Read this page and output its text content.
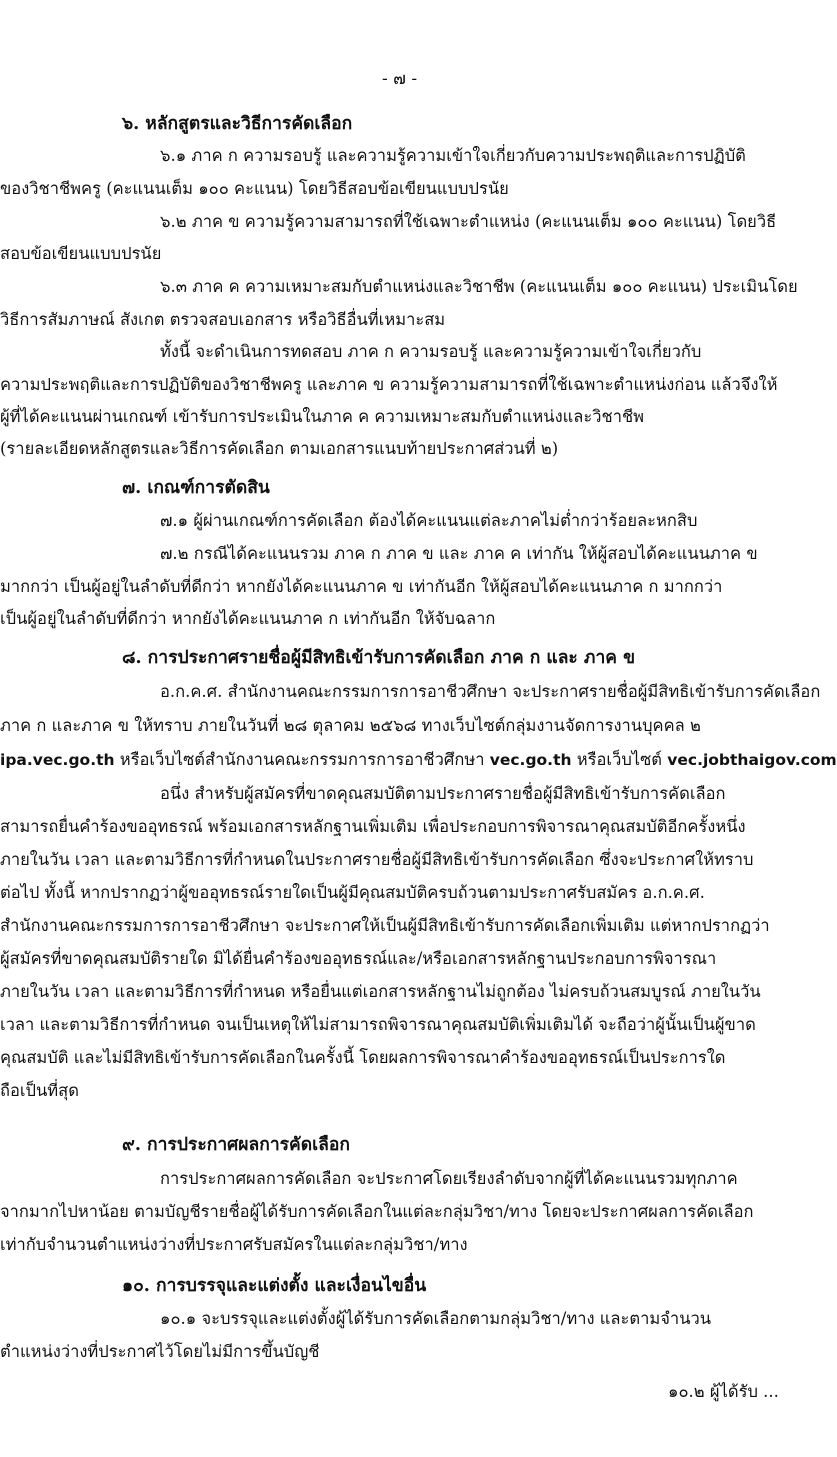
- ๗ -
๖. หลักสูตรและวิธีการคัดเลือก
๖.๑ ภาค ก ความรอบรู้ และความรู้ความเข้าใจเกี่ยวกับความประพฤติและการปฏิบัติ
ของวิชาชีพครู (คะแนนเต็ม ๑๐๐ คะแนน) โดยวิธีสอบข้อเขียนแบบปรนัย
๖.๒ ภาค ข ความรู้ความสามารถที่ใช้เฉพาะตำแหน่ง (คะแนนเต็ม ๑๐๐ คะแนน) โดยวิธี
สอบข้อเขียนแบบปรนัย
๖.๓ ภาค ค ความเหมาะสมกับตำแหน่งและวิชาชีพ (คะแนนเต็ม ๑๐๐ คะแนน) ประเมินโดย
วิธีการสัมภาษณ์ สังเกต ตรวจสอบเอกสาร หรือวิธีอื่นที่เหมาะสม
ทั้งนี้ จะดำเนินการทดสอบ ภาค ก ความรอบรู้ และความรู้ความเข้าใจเกี่ยวกับ
ความประพฤติและการปฏิบัติของวิชาชีพครู และภาค ข ความรู้ความสามารถที่ใช้เฉพาะตำแหน่งก่อน แล้วจึงให้
ผู้ที่ได้คะแนนผ่านเกณฑ์ เข้ารับการประเมินในภาค ค ความเหมาะสมกับตำแหน่งและวิชาชีพ
(รายละเอียดหลักสูตรและวิธีการคัดเลือก ตามเอกสารแนบท้ายประกาศส่วนที่ ๒)
๗. เกณฑ์การตัดสิน
๗.๑ ผู้ผ่านเกณฑ์การคัดเลือก ต้องได้คะแนนแต่ละภาคไม่ต่ำกว่าร้อยละหกสิบ
๗.๒ กรณีได้คะแนนรวม ภาค ก ภาค ข และ ภาค ค เท่ากัน ให้ผู้สอบได้คะแนนภาค ข
มากกว่า เป็นผู้อยู่ในลำดับที่ดีกว่า หากยังได้คะแนนภาค ข เท่ากันอีก ให้ผู้สอบได้คะแนนภาค ก มากกว่า
เป็นผู้อยู่ในลำดับที่ดีกว่า หากยังได้คะแนนภาค ก เท่ากันอีก ให้จับฉลาก
๘. การประกาศรายชื่อผู้มีสิทธิเข้ารับการคัดเลือก ภาค ก และ ภาค ข
อ.ก.ค.ศ. สำนักงานคณะกรรมการการอาชีวศึกษา จะประกาศรายชื่อผู้มีสิทธิเข้ารับการคัดเลือก
ภาค ก และภาค ข ให้ทราบ ภายในวันที่ ๒๘ ตุลาคม ๒๕๖๘ ทางเว็บไซต์กลุ่มงานจัดการงานบุคคล ๒
ipa.vec.go.th หรือเว็บไซต์สำนักงานคณะกรรมการการอาชีวศึกษา vec.go.th หรือเว็บไซต์ vec.jobthaigov.com
อนึ่ง สำหรับผู้สมัครที่ขาดคุณสมบัติตามประกาศรายชื่อผู้มีสิทธิเข้ารับการคัดเลือก
สามารถยื่นคำร้องขออุทธรณ์ พร้อมเอกสารหลักฐานเพิ่มเติม เพื่อประกอบการพิจารณาคุณสมบัติอีกครั้งหนึ่ง
ภายในวัน เวลา และตามวิธีการที่กำหนดในประกาศรายชื่อผู้มีสิทธิเข้ารับการคัดเลือก ซึ่งจะประกาศให้ทราบ
ต่อไป ทั้งนี้ หากปรากฏว่าผู้ขออุทธรณ์รายใดเป็นผู้มีคุณสมบัติครบถ้วนตามประกาศรับสมัคร อ.ก.ค.ศ.
สำนักงานคณะกรรมการการอาชีวศึกษา จะประกาศให้เป็นผู้มีสิทธิเข้ารับการคัดเลือกเพิ่มเติม แต่หากปรากฏว่า
ผู้สมัครที่ขาดคุณสมบัติรายใด มิได้ยื่นคำร้องขออุทธรณ์และ/หรือเอกสารหลักฐานประกอบการพิจารณา
ภายในวัน เวลา และตามวิธีการที่กำหนด หรือยื่นแต่เอกสารหลักฐานไม่ถูกต้อง ไม่ครบถ้วนสมบูรณ์ ภายในวัน
เวลา และตามวิธีการที่กำหนด จนเป็นเหตุให้ไม่สามารถพิจารณาคุณสมบัติเพิ่มเติมได้ จะถือว่าผู้นั้นเป็นผู้ขาด
คุณสมบัติ และไม่มีสิทธิเข้ารับการคัดเลือกในครั้งนี้ โดยผลการพิจารณาคำร้องขออุทธรณ์เป็นประการใด
ถือเป็นที่สุด
๙. การประกาศผลการคัดเลือก
การประกาศผลการคัดเลือก จะประกาศโดยเรียงลำดับจากผู้ที่ได้คะแนนรวมทุกภาค
จากมากไปหาน้อย ตามบัญชีรายชื่อผู้ได้รับการคัดเลือกในแต่ละกลุ่มวิชา/ทาง โดยจะประกาศผลการคัดเลือก
เท่ากับจำนวนตำแหน่งว่างที่ประกาศรับสมัครในแต่ละกลุ่มวิชา/ทาง
๑๐. การบรรจุและแต่งตั้ง และเงื่อนไขอื่น
๑๐.๑ จะบรรจุและแต่งตั้งผู้ได้รับการคัดเลือกตามกลุ่มวิชา/ทาง และตามจำนวน
ตำแหน่งว่างที่ประกาศไว้โดยไม่มีการขึ้นบัญชี
๑๐.๒ ผู้ได้รับ ...
